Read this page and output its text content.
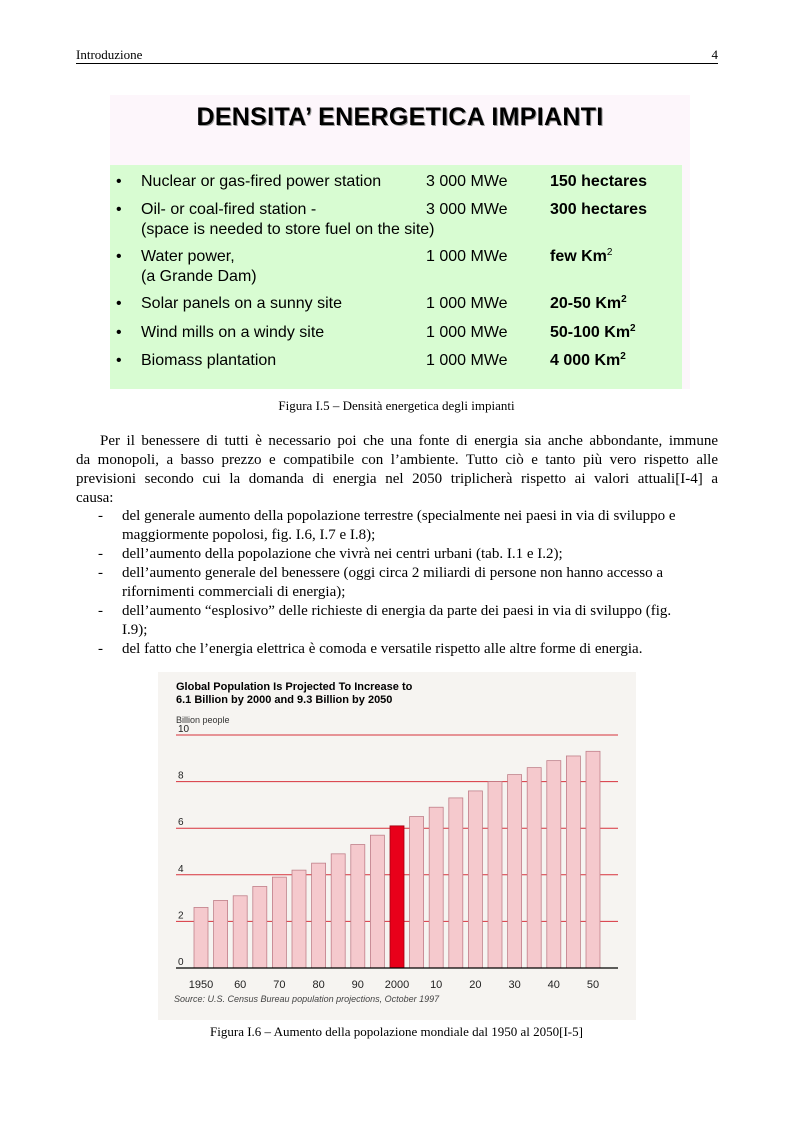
Introduzione	4
DENSITA’ ENERGETICA IMPIANTI
• Nuclear or gas-fired power station	3 000 MWe	150 hectares
• Oil- or coal-fired station -
(space is needed to store fuel on the site)
3 000 MWe	300 hectares
• Water power,
(a Grande Dam)
1 000 MWe	few Km$^2$
• Solar panels on a sunny site	1 000 MWe	20-50 Km$^2$
• Wind mills on a windy site	1 000 MWe	50-100 Km$^2$
• Biomass plantation	1 000 MWe	4 000 Km$^2$
Figura I.5 – Densità energetica degli impianti
Per il benessere di tutti è necessario poi che una fonte di energia sia anche abbondante, immune
da monopoli, a basso prezzo e compatibile con l’ambiente. Tutto ciò e tanto più vero rispetto alle
previsioni secondo cui la domanda di energia nel 2050 triplicherà rispetto ai valori attuali[I-4] a
causa:
- del generale aumento della popolazione terrestre (specialmente nei paesi in via di sviluppo e
maggiormente popolosi, fig. I.6, I.7 e I.8);
- dell’aumento della popolazione che vivrà nei centri urbani (tab. I.1 e I.2);
- dell’aumento generale del benessere (oggi circa 2 miliardi di persone non hanno accesso a
rifornimenti commerciali di energia);
- dell’aumento “esplosivo” delle richieste di energia da parte dei paesi in via di sviluppo (fig.
I.9);
- del fatto che l’energia elettrica è comoda e versatile rispetto alle altre forme di energia.
Global Population Is Projected To Increase to
6.1 Billion by 2000 and 9.3 Billion by 2050
Billion people
0
2
4
6
8
10
1950 60 70 80 90 2000 10 20 30 40 50
Source: U.S. Census Bureau population projections, October 1997
Figura I.6 – Aumento della popolazione mondiale dal 1950 al 2050[I-5]
